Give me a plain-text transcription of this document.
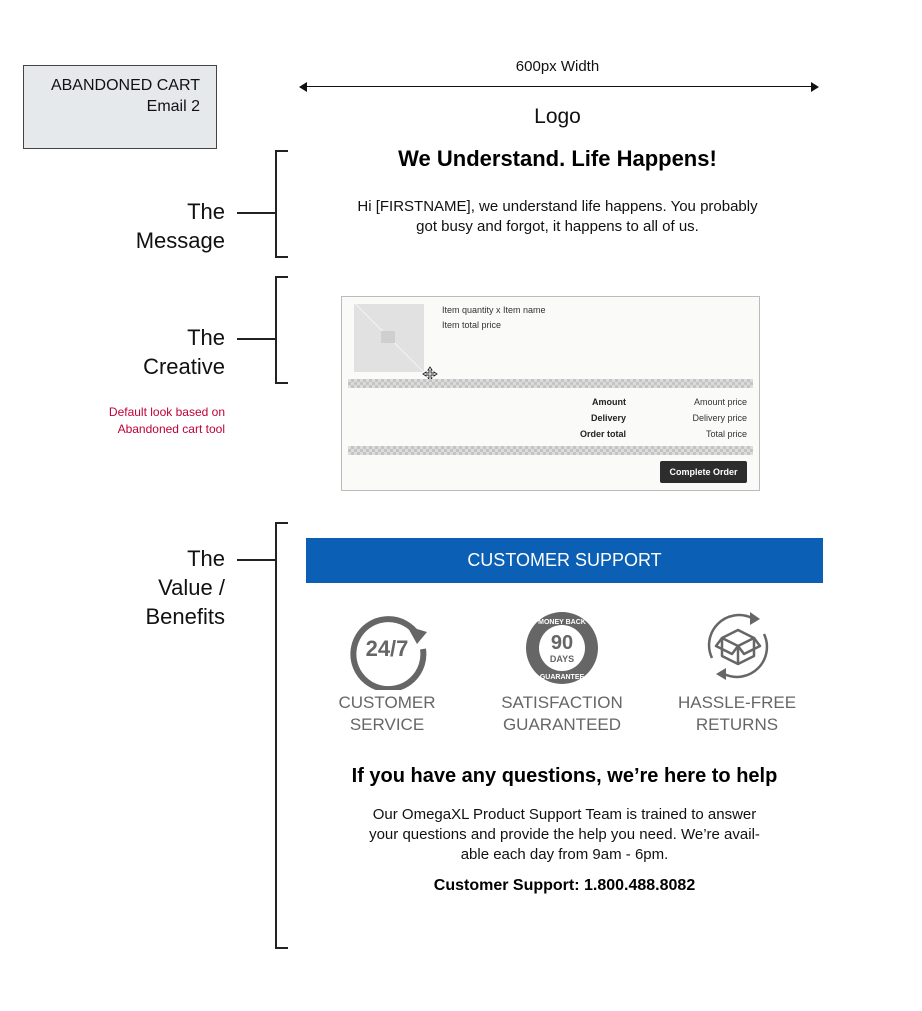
ABANDONED CART
Email 2
600px Width
Logo
The
Message
We Understand. Life Happens!
Hi [FIRSTNAME], we understand life happens. You probably
got busy and forgot, it happens to all of us.
The
Creative
Default look based on
Abandoned cart tool
Item quantity x Item name
Item total price
Amount	Amount price
Delivery	Delivery price
Order total	Total price
Complete Order
The
Value /
Benefits
CUSTOMER SUPPORT
24/7
CUSTOMER
SERVICE
90
DAYS
MONEY BACK
GUARANTEE
SATISFACTION
GUARANTEED
HASSLE-FREE
RETURNS
If you have any questions, we’re here to help
Our OmegaXL Product Support Team is trained to answer
your questions and provide the help you need. We’re avail-
able each day from 9am - 6pm.
Customer Support: 1.800.488.8082
